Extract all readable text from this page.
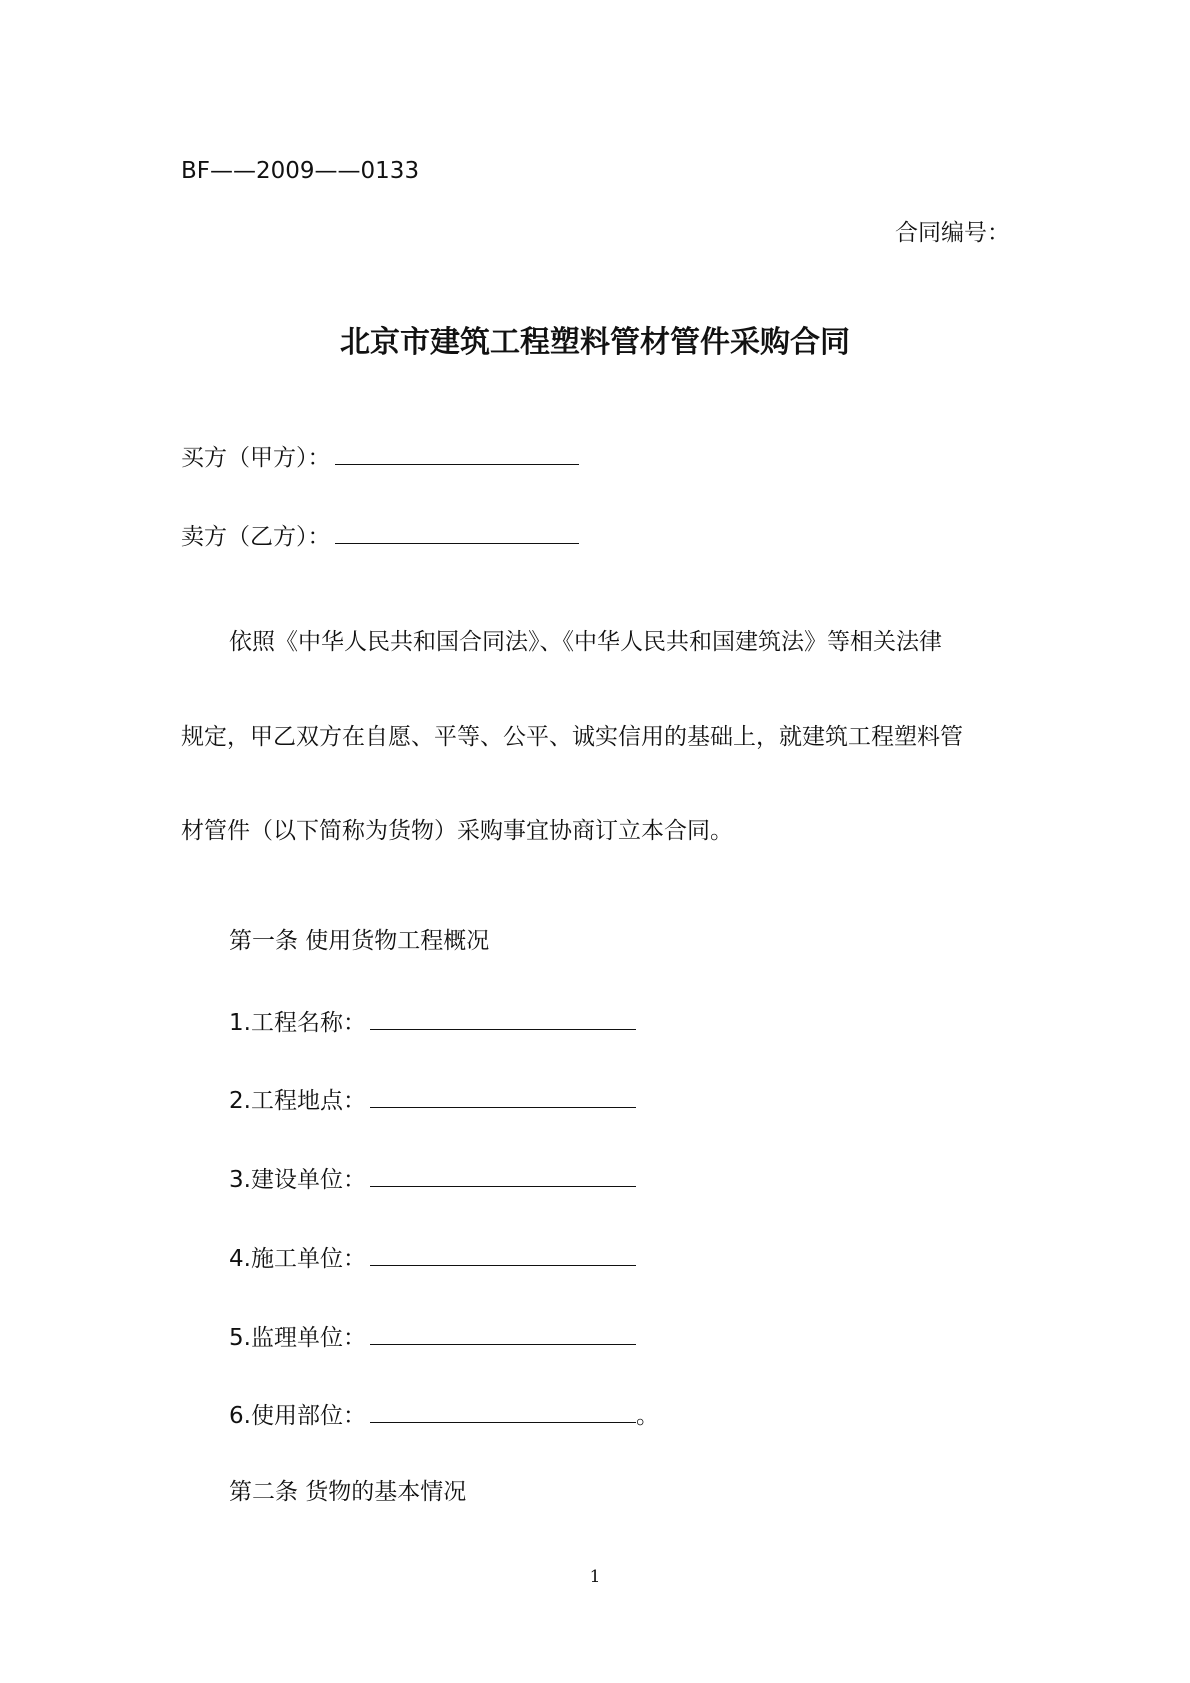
BF——2009——0133
合同编号：
北京市建筑工程塑料管材管件采购合同
买方（甲方）：
卖方（乙方）：
依照《中华人民共和国合同法》、《中华人民共和国建筑法》等相关法律
规定，甲乙双方在自愿、平等、公平、诚实信用的基础上，就建筑工程塑料管
材管件（以下简称为货物）采购事宜协商订立本合同。
第一条 使用货物工程概况
1.工程名称：
2.工程地点：
3.建设单位：
4.施工单位：
5.监理单位：
6.使用部位：	。
第二条 货物的基本情况
1
